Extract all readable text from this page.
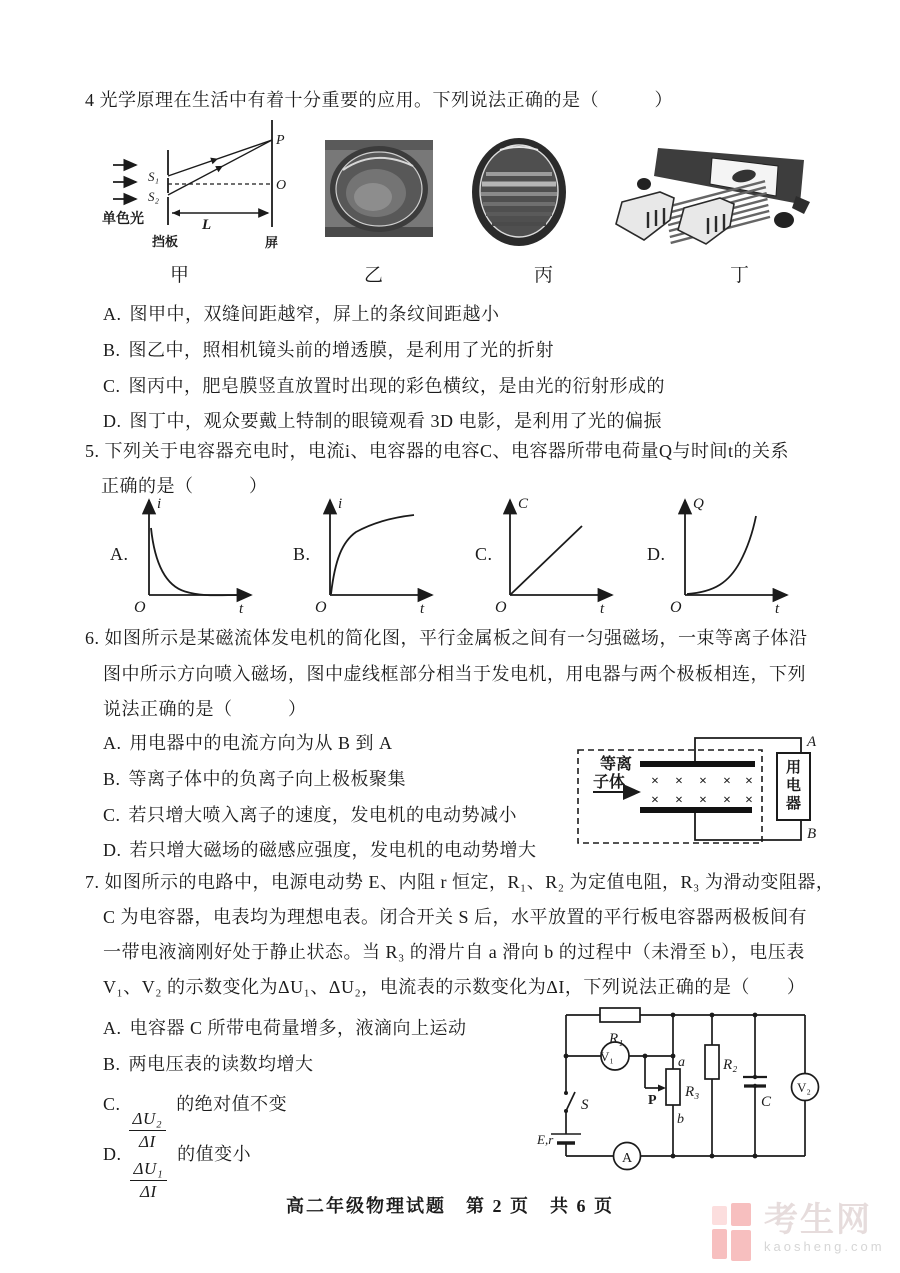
4 光学原理在生活中有着十分重要的应用。下列说法正确的是（　　　）
单色光
S₁
S₂
P
O
L
挡板	屏
甲	乙	丙	丁
A. 图甲中，双缝间距越窄，屏上的条纹间距越小
B. 图乙中，照相机镜头前的增透膜，是利用了光的折射
C. 图丙中，肥皂膜竖直放置时出现的彩色横纹，是由光的衍射形成的
D. 图丁中，观众要戴上特制的眼镜观看 3D 电影，是利用了光的偏振
5. 下列关于电容器充电时，电流i、电容器的电容C、电容器所带电荷量Q与时间t的关系
正确的是（　　　）
A.	B.	C.	D.
i
O	t
i
O	t
C
O	t
Q
O	t
6. 如图所示是某磁流体发电机的简化图，平行金属板之间有一匀强磁场，一束等离子体沿
图中所示方向喷入磁场，图中虚线框部分相当于发电机，用电器与两个极板相连，下列
说法正确的是（　　　）
A. 用电器中的电流方向为从 B 到 A
B. 等离子体中的负离子向上极板聚集
C. 若只增大喷入离子的速度，发电机的电动势减小
D. 若只增大磁场的磁感应强度，发电机的电动势增大
等离
子体 × × × × ×
× × × × ×
用
电
器
A
B
7. 如图所示的电路中，电源电动势 E、内阻 r 恒定，R₁、R₂ 为定值电阻，R₃ 为滑动变阻器，
C 为电容器，电表均为理想电表。闭合开关 S 后，水平放置的平行板电容器两极板间有
一带电液滴刚好处于静止状态。当 R₃ 的滑片自 a 滑向 b 的过程中（未滑至 b），电压表
V₁、V₂ 的示数变化为ΔU₁、ΔU₂，电流表的示数变化为ΔI，下列说法正确的是（　　）
A. 电容器 C 所带电荷量增多，液滴向上运动
B. 两电压表的读数均增大
C.
$\frac{\text{ΔU₂}}{\Delta I}$
的绝对值不变
D.
$\frac{\text{ΔU₁}}{\Delta I}$
的值变小
R₁
V₁
V₂
A
a
b
R₃
R₂
C
S
E,r
P
高二年级物理试题　第 2 页　共 6 页	考生网
kaosheng.com
